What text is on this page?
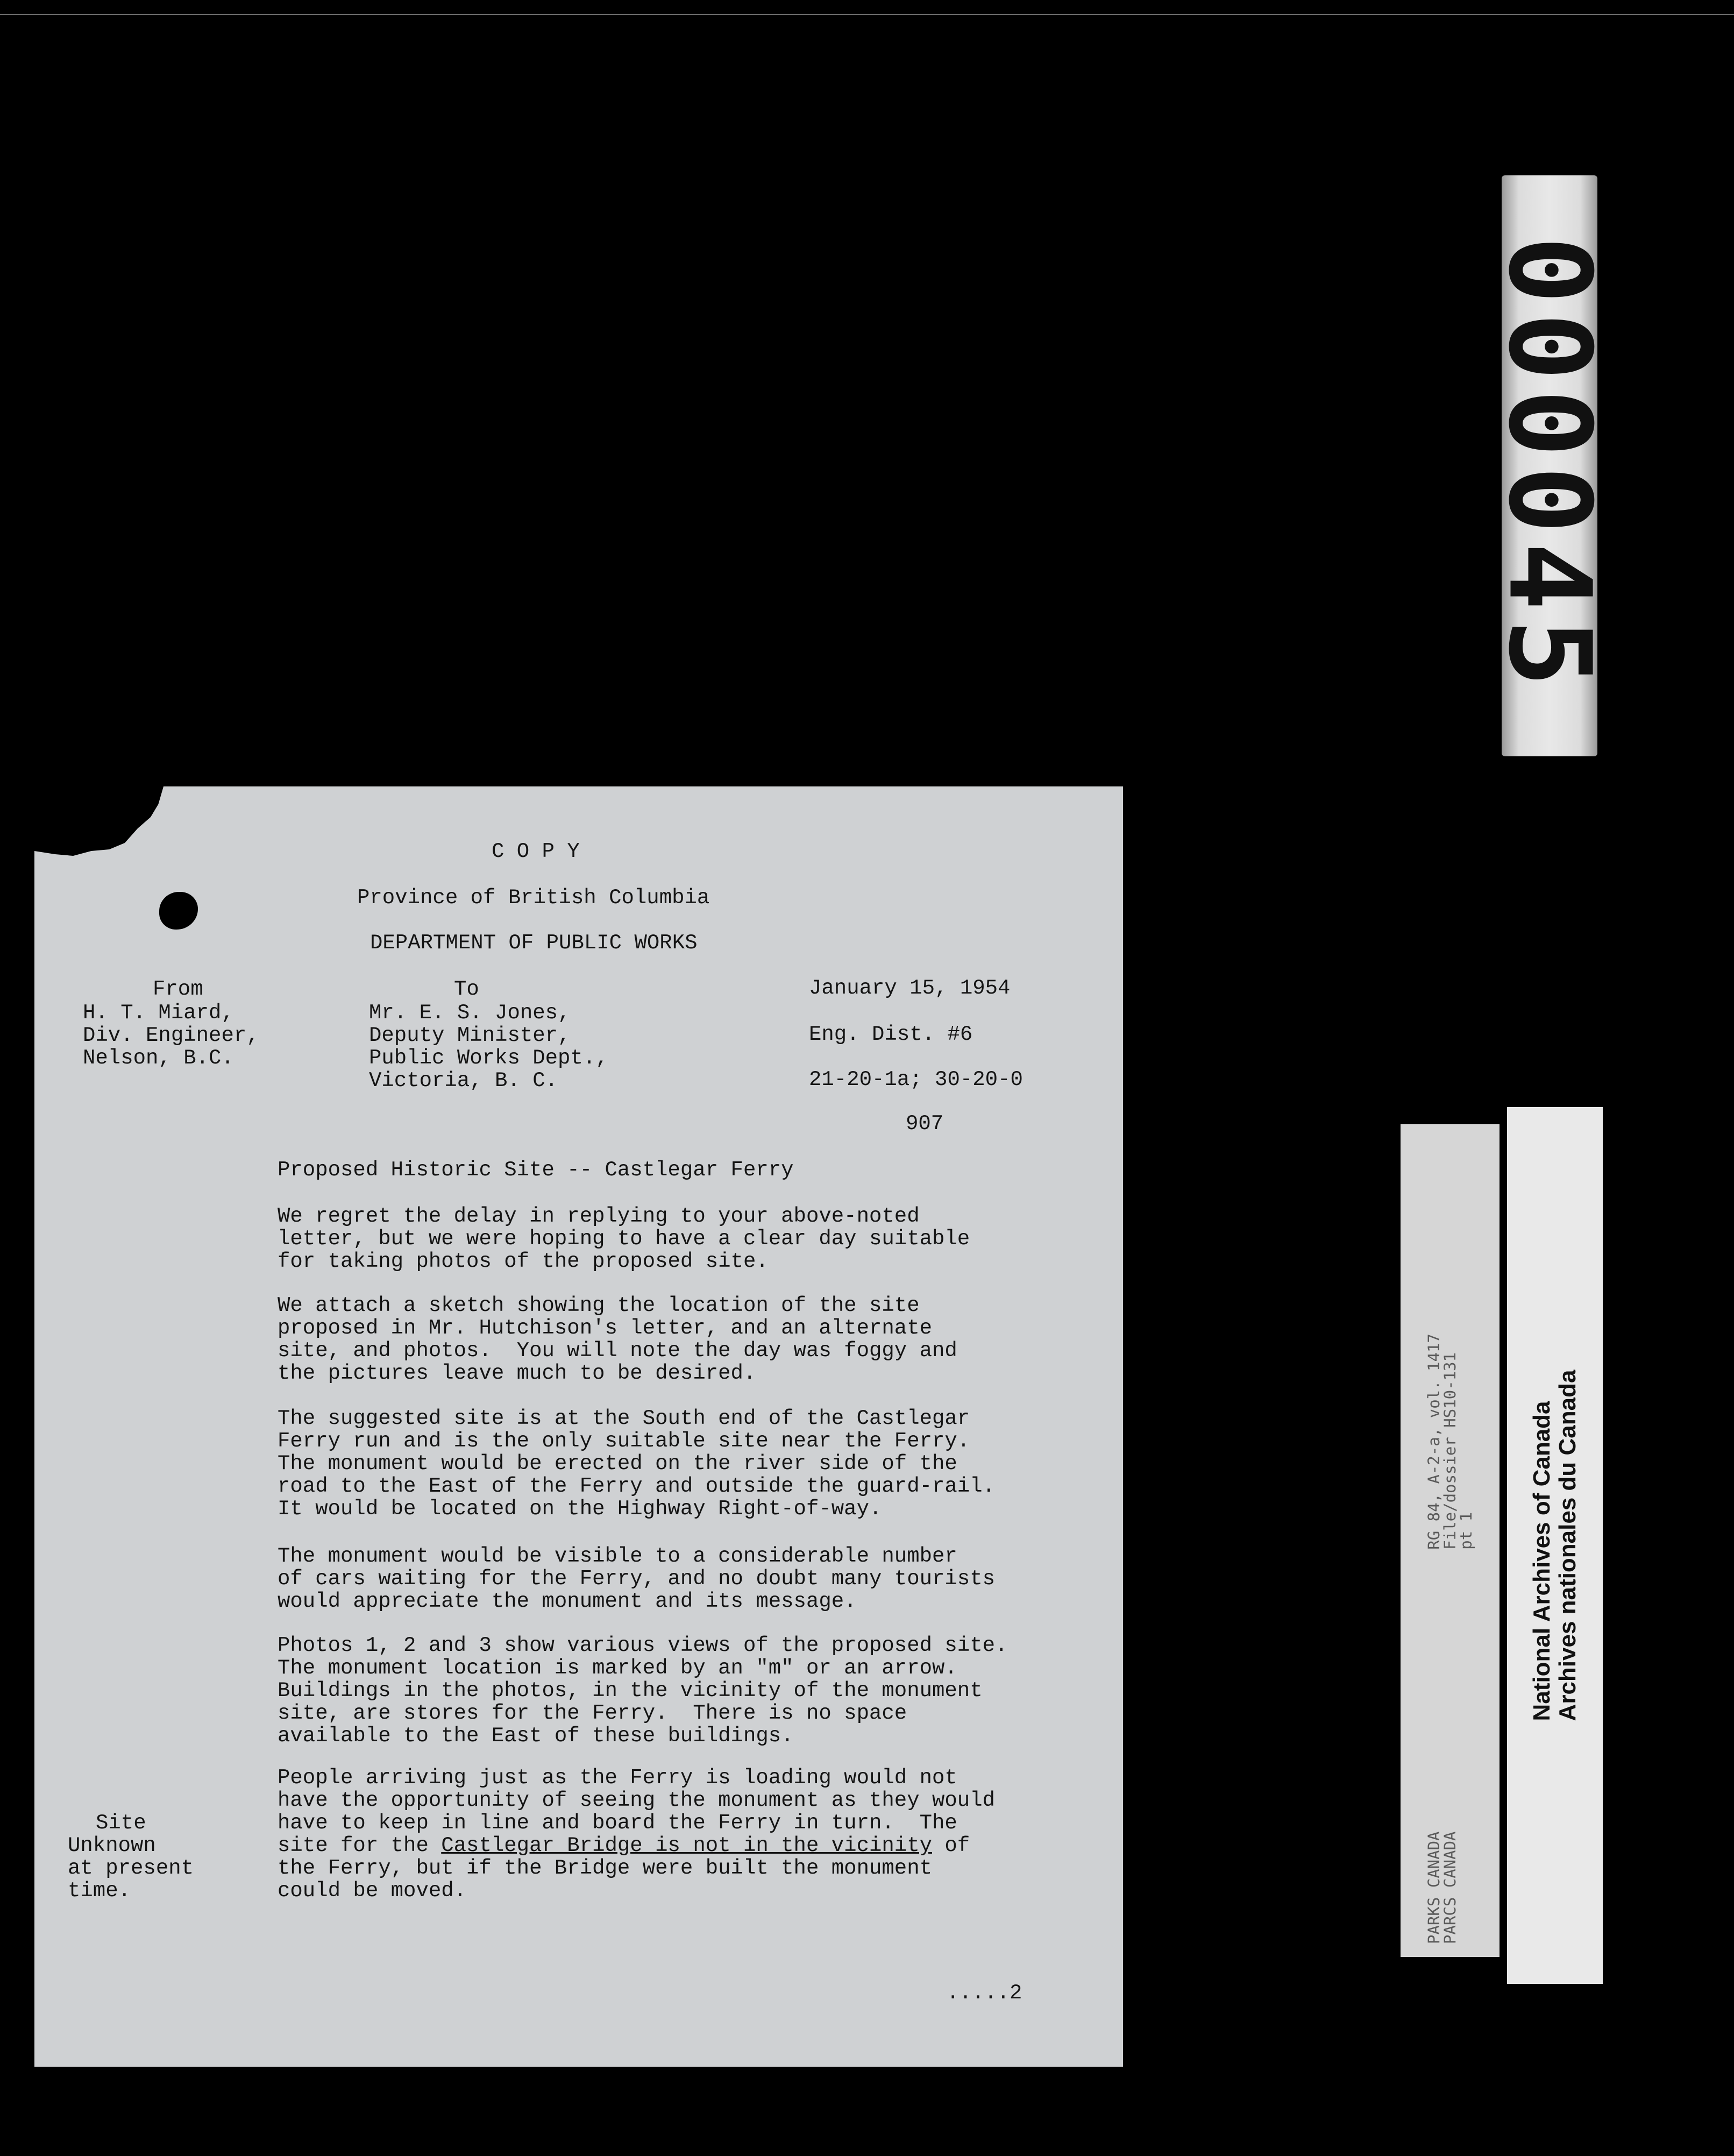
000045
PARKS CANADA                              RG 84, A-2-a, vol. 1417
PARCS CANADA                              File/dossier HS10-131
pt 1 National Archives of Canada Archives nationales du Canada
C O P Y
Province of British Columbia
DEPARTMENT OF PUBLIC WORKS
From
H. T. Miard,
Div. Engineer,
Nelson, B.C.
To
Mr. E. S. Jones,
Deputy Minister,
Public Works Dept.,
Victoria, B. C.
January 15, 1954
Eng. Dist. #6
21-20-1a; 30-20-0
907
Proposed Historic Site -- Castlegar Ferry
We regret the delay in replying to your above-noted
letter, but we were hoping to have a clear day suitable
for taking photos of the proposed site.
We attach a sketch showing the location of the site
proposed in Mr. Hutchison's letter, and an alternate
site, and photos.  You will note the day was foggy and
the pictures leave much to be desired.
The suggested site is at the South end of the Castlegar
Ferry run and is the only suitable site near the Ferry.
The monument would be erected on the river side of the
road to the East of the Ferry and outside the guard-rail.
It would be located on the Highway Right-of-way.
The monument would be visible to a considerable number
of cars waiting for the Ferry, and no doubt many tourists
would appreciate the monument and its message.
Photos 1, 2 and 3 show various views of the proposed site.
The monument location is marked by an "m" or an arrow.
Buildings in the photos, in the vicinity of the monument
site, are stores for the Ferry.  There is no space
available to the East of these buildings.
People arriving just as the Ferry is loading would not
have the opportunity of seeing the monument as they would
have to keep in line and board the Ferry in turn.  The
site for the Castlegar Bridge is not in the vicinity of
the Ferry, but if the Bridge were built the monument
could be moved.
Site
Unknown
at present
time.
.....2
